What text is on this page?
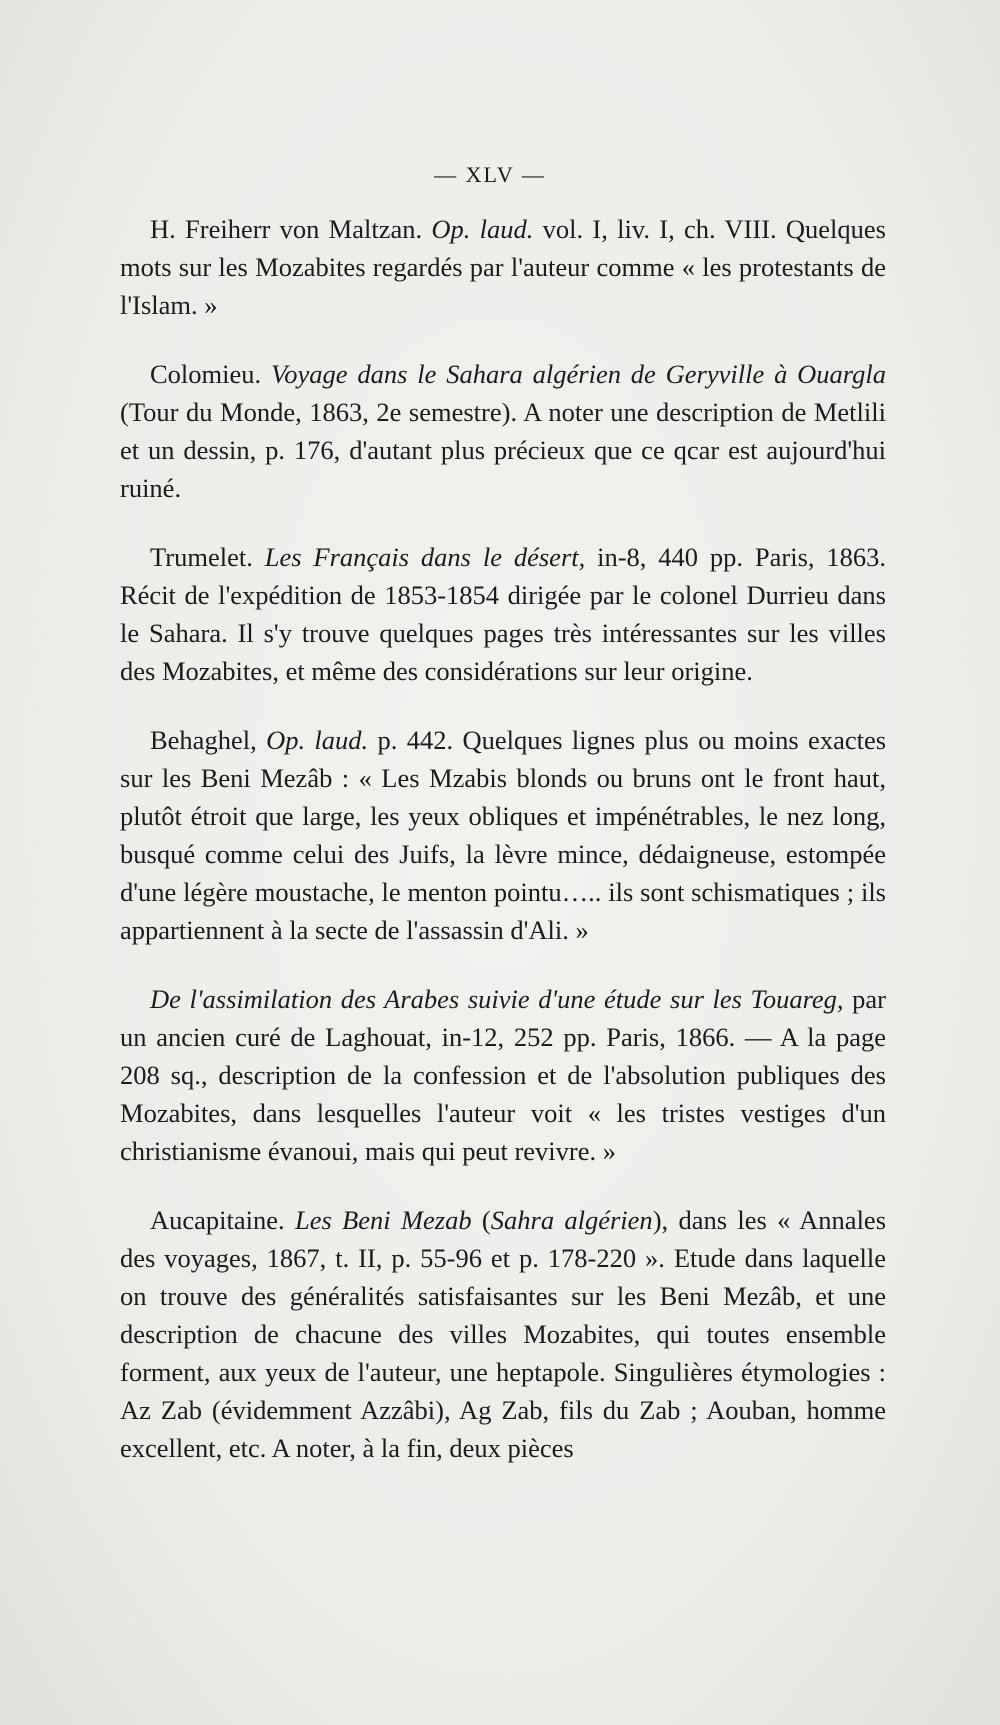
— XLV —

H. Freiherr von Maltzan. Op. laud. vol. I, liv. I, ch. VIII. Quelques mots sur les Mozabites regardés par l'auteur comme « les protestants de l'Islam. »

Colomieu. Voyage dans le Sahara algérien de Geryville à Ouargla (Tour du Monde, 1863, 2e semestre). A noter une description de Metlili et un dessin, p. 176, d'autant plus précieux que ce qcar est aujourd'hui ruiné.

Trumelet. Les Français dans le désert, in-8, 440 pp. Paris, 1863. Récit de l'expédition de 1853-1854 dirigée par le colonel Durrieu dans le Sahara. Il s'y trouve quelques pages très intéressantes sur les villes des Mozabites, et même des considérations sur leur origine.

Behaghel, Op. laud. p. 442. Quelques lignes plus ou moins exactes sur les Beni Mezâb : « Les Mzabis blonds ou bruns ont le front haut, plutôt étroit que large, les yeux obliques et impénétrables, le nez long, busqué comme celui des Juifs, la lèvre mince, dédaigneuse, estompée d'une légère moustache, le menton pointu….. ils sont schismatiques ; ils appartiennent à la secte de l'assassin d'Ali. »

De l'assimilation des Arabes suivie d'une étude sur les Touareg, par un ancien curé de Laghouat, in-12, 252 pp. Paris, 1866. — A la page 208 sq., description de la confession et de l'absolution publiques des Mozabites, dans lesquelles l'auteur voit « les tristes vestiges d'un christianisme évanoui, mais qui peut revivre. »

Aucapitaine. Les Beni Mezab (Sahra algérien), dans les « Annales des voyages, 1867, t. II, p. 55-96 et p. 178-220 ». Etude dans laquelle on trouve des généralités satisfaisantes sur les Beni Mezâb, et une description de chacune des villes Mozabites, qui toutes ensemble forment, aux yeux de l'auteur, une heptapole. Singulières étymologies : Az Zab (évidemment Azzâbi), Ag Zab, fils du Zab ; Aouban, homme excellent, etc. A noter, à la fin, deux pièces
